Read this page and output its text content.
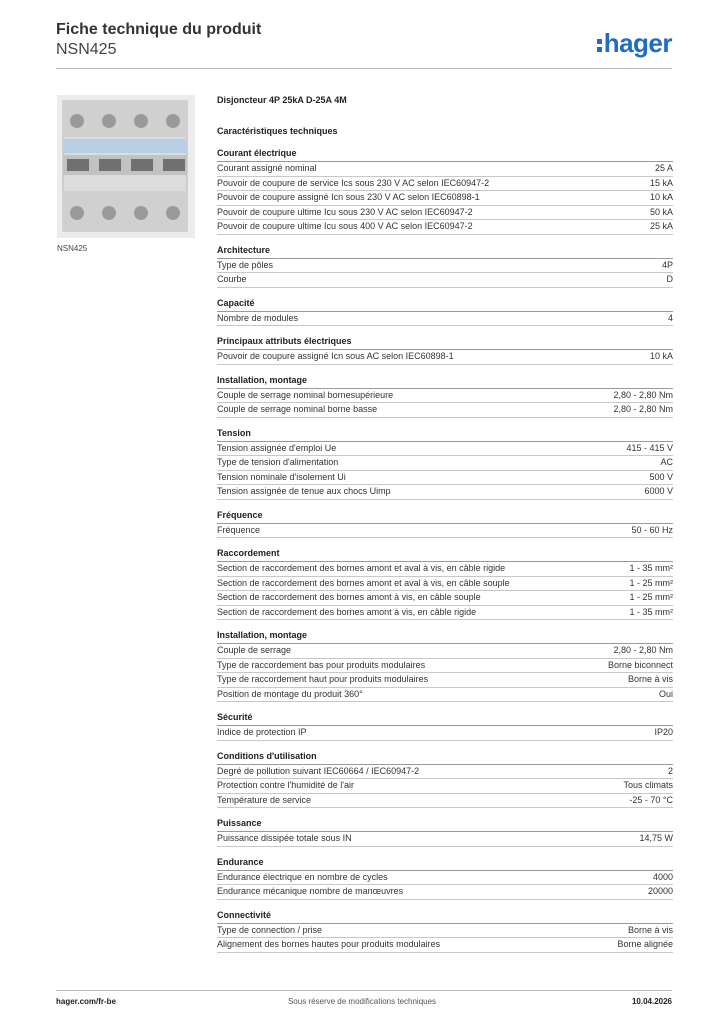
Fiche technique du produit
NSN425	hager
NSN425
Disjoncteur 4P 25kA D-25A 4M
Caractéristiques techniques
Courant électrique
Courant assigné nominal	25 A
Pouvoir de coupure de service Ics sous 230 V AC selon IEC60947-2	15 kA
Pouvoir de coupure assigné Icn sous 230 V AC selon IEC60898-1	10 kA
Pouvoir de coupure ultime Icu sous 230 V AC selon IEC60947-2	50 kA
Pouvoir de coupure ultime Icu sous 400 V AC selon IEC60947-2	25 kA
Architecture
Type de pôles	4P
Courbe	D
Capacité
Nombre de modules	4
Principaux attributs électriques
Pouvoir de coupure assigné Icn sous AC selon IEC60898-1	10 kA
Installation, montage
Couple de serrage nominal bornesupérieure	2,80 - 2,80 Nm
Couple de serrage nominal borne basse	2,80 - 2,80 Nm
Tension
Tension assignée d'emploi Ue	415 - 415 V
Type de tension d'alimentation	AC
Tension nominale d'isolement Ui	500 V
Tension assignée de tenue aux chocs Uimp	6000 V
Fréquence
Fréquence	50 - 60 Hz
Raccordement
Section de raccordement des bornes amont et aval à vis, en câble rigide	1 - 35 mm²
Section de raccordement des bornes amont et aval à vis, en câble souple	1 - 25 mm²
Section de raccordement des bornes amont à vis, en câble souple	1 - 25 mm²
Section de raccordement des bornes amont à vis, en câble rigide	1 - 35 mm²
Installation, montage
Couple de serrage	2,80 - 2,80 Nm
Type de raccordement bas pour produits modulaires	Borne biconnect
Type de raccordement haut pour produits modulaires	Borne à vis
Position de montage du produit 360°	Oui
Sécurité
Indice de protection IP	IP20
Conditions d'utilisation
Degré de pollution suivant IEC60664 / IEC60947-2	2
Protection contre l'humidité de l'air	Tous climats
Température de service	-25 - 70 °C
Puissance
Puissance dissipée totale sous IN	14,75 W
Endurance
Endurance électrique en nombre de cycles	4000
Endurance mécanique nombre de manœuvres	20000
Connectivité
Type de connection / prise	Borne à vis
Alignement des bornes hautes pour produits modulaires	Borne alignée
hager.com/fr-be	Sous réserve de modifications techniques	10.04.2026
